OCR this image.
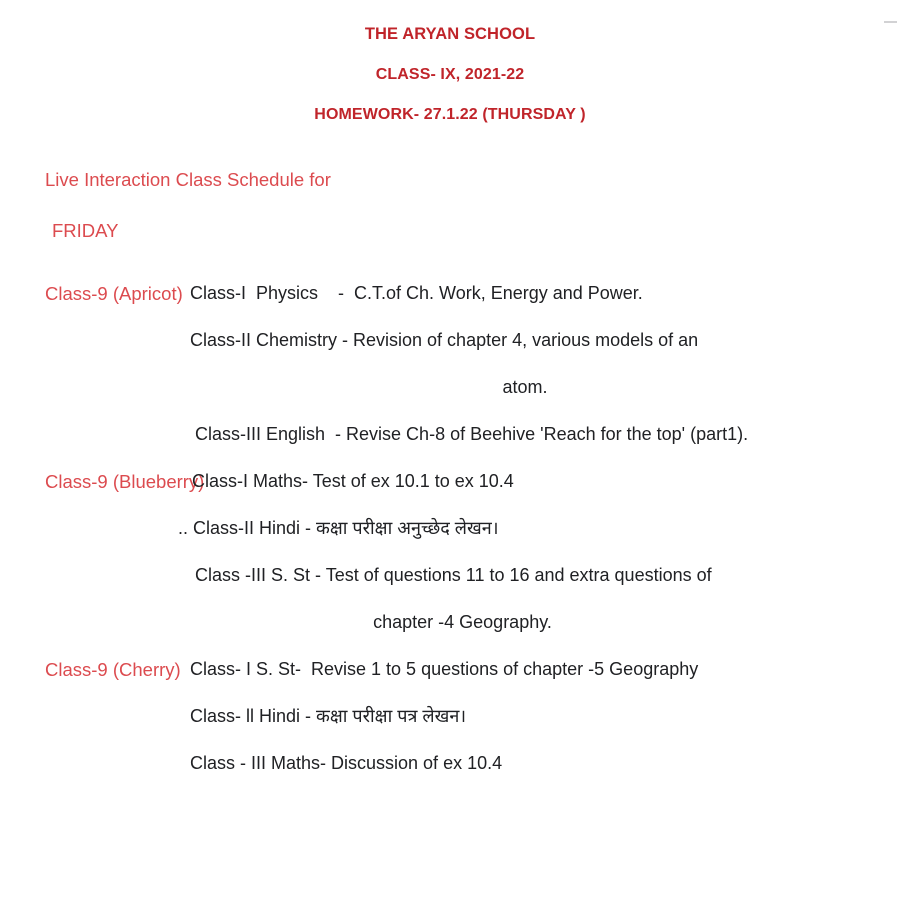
THE ARYAN SCHOOL
CLASS- IX, 2021-22
HOMEWORK- 27.1.22 (THURSDAY )
Live Interaction Class Schedule for
FRIDAY
Class-9 (Apricot) Class-I  Physics    -  C.T.of Ch. Work, Energy and Power.
Class-II Chemistry - Revision of chapter 4, various models of an
atom.
Class-III English  - Revise Ch-8 of Beehive 'Reach for the top' (part1).
Class-9 (Blueberry)
Class-I Maths- Test of ex 10.1 to ex 10.4
.. Class-II Hindi - कक्षा परीक्षा अनुच्छेद लेखन।
Class -III S. St - Test of questions 11 to 16 and extra questions of
chapter -4 Geography.
Class-9 (Cherry) Class- I S. St-  Revise 1 to 5 questions of chapter -5 Geography
Class- ll Hindi - कक्षा परीक्षा पत्र लेखन।
Class - III Maths- Discussion of ex 10.4
